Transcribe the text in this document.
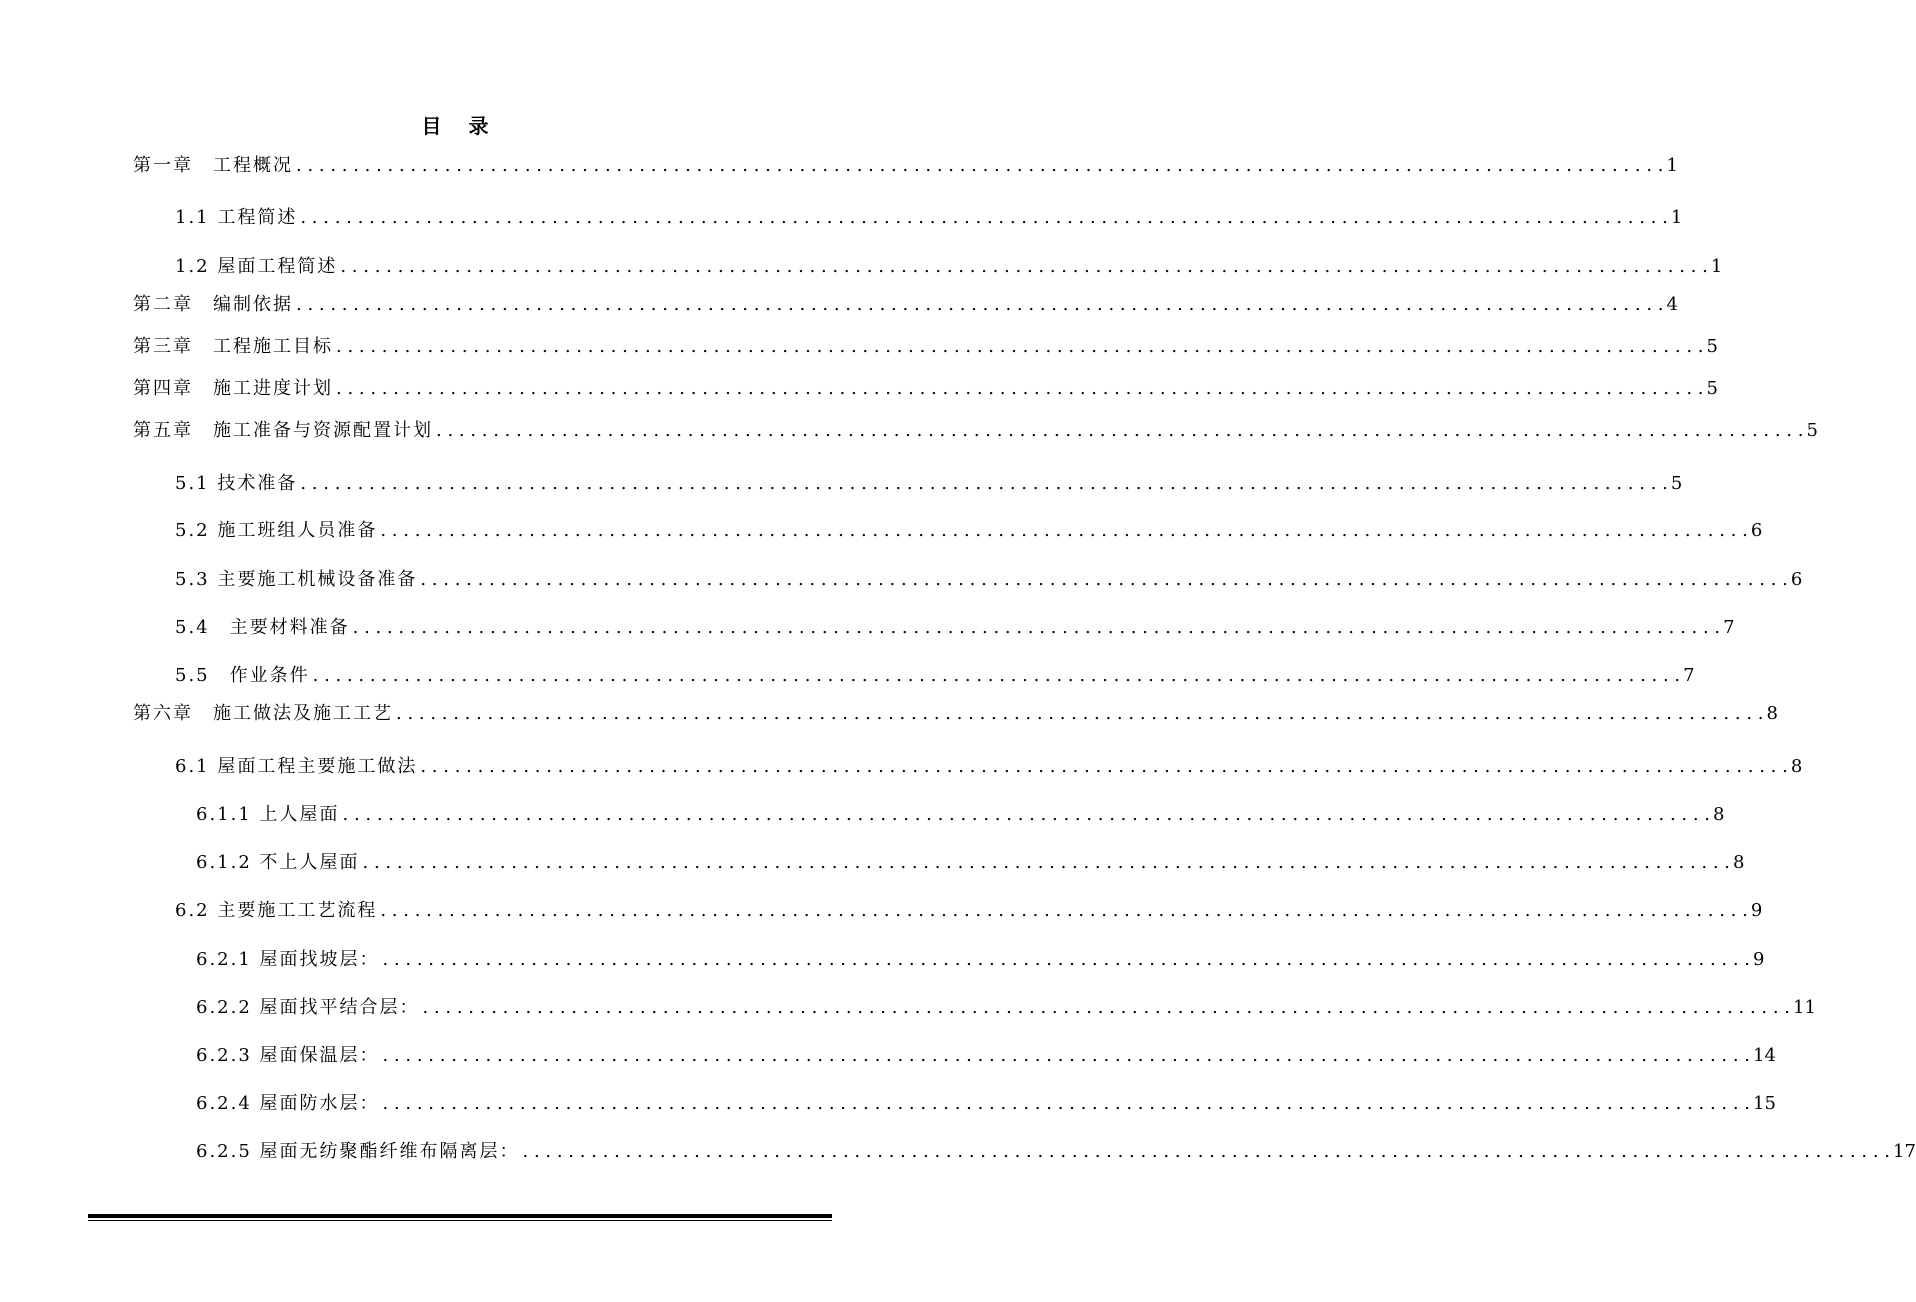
目 录
第一章　工程概况 . . . . . . . . . . . . . . . . . . . . . . . . . . . . . . . . . . . . . . . . . . . . . . . . . . . . . . . . . . . . . . . . . . . . . . . . . . . . . . . . . . . . . . . . . . . . . . . . . . . . . . . . . . . . . . . . . . . . . . . . 1
1.1 工程简述 . . . . . . . . . . . . . . . . . . . . . . . . . . . . . . . . . . . . . . . . . . . . . . . . . . . . . . . . . . . . . . . . . . . . . . . . . . . . . . . . . . . . . . . . . . . . . . . . . . . . . . . . . . . . . . . . . . . . . . . . 1
1.2 屋面工程简述 . . . . . . . . . . . . . . . . . . . . . . . . . . . . . . . . . . . . . . . . . . . . . . . . . . . . . . . . . . . . . . . . . . . . . . . . . . . . . . . . . . . . . . . . . . . . . . . . . . . . . . . . . . . . . . . . . . . . . . . . 1
第二章　编制依据 . . . . . . . . . . . . . . . . . . . . . . . . . . . . . . . . . . . . . . . . . . . . . . . . . . . . . . . . . . . . . . . . . . . . . . . . . . . . . . . . . . . . . . . . . . . . . . . . . . . . . . . . . . . . . . . . . . . . . . . . 4
第三章　工程施工目标 . . . . . . . . . . . . . . . . . . . . . . . . . . . . . . . . . . . . . . . . . . . . . . . . . . . . . . . . . . . . . . . . . . . . . . . . . . . . . . . . . . . . . . . . . . . . . . . . . . . . . . . . . . . . . . . . . . . . . . . . 5
第四章　施工进度计划 . . . . . . . . . . . . . . . . . . . . . . . . . . . . . . . . . . . . . . . . . . . . . . . . . . . . . . . . . . . . . . . . . . . . . . . . . . . . . . . . . . . . . . . . . . . . . . . . . . . . . . . . . . . . . . . . . . . . . . . . 5
第五章　施工准备与资源配置计划 . . . . . . . . . . . . . . . . . . . . . . . . . . . . . . . . . . . . . . . . . . . . . . . . . . . . . . . . . . . . . . . . . . . . . . . . . . . . . . . . . . . . . . . . . . . . . . . . . . . . . . . . . . . . . . . . . . . . . . . . 5
5.1 技术准备 . . . . . . . . . . . . . . . . . . . . . . . . . . . . . . . . . . . . . . . . . . . . . . . . . . . . . . . . . . . . . . . . . . . . . . . . . . . . . . . . . . . . . . . . . . . . . . . . . . . . . . . . . . . . . . . . . . . . . . . . 5
5.2 施工班组人员准备 . . . . . . . . . . . . . . . . . . . . . . . . . . . . . . . . . . . . . . . . . . . . . . . . . . . . . . . . . . . . . . . . . . . . . . . . . . . . . . . . . . . . . . . . . . . . . . . . . . . . . . . . . . . . . . . . . . . . . . . . 6
5.3 主要施工机械设备准备 . . . . . . . . . . . . . . . . . . . . . . . . . . . . . . . . . . . . . . . . . . . . . . . . . . . . . . . . . . . . . . . . . . . . . . . . . . . . . . . . . . . . . . . . . . . . . . . . . . . . . . . . . . . . . . . . . . . . . . . . 6
5.4　主要材料准备 . . . . . . . . . . . . . . . . . . . . . . . . . . . . . . . . . . . . . . . . . . . . . . . . . . . . . . . . . . . . . . . . . . . . . . . . . . . . . . . . . . . . . . . . . . . . . . . . . . . . . . . . . . . . . . . . . . . . . . . . 7
5.5　作业条件 . . . . . . . . . . . . . . . . . . . . . . . . . . . . . . . . . . . . . . . . . . . . . . . . . . . . . . . . . . . . . . . . . . . . . . . . . . . . . . . . . . . . . . . . . . . . . . . . . . . . . . . . . . . . . . . . . . . . . . . . 7
第六章　施工做法及施工工艺 . . . . . . . . . . . . . . . . . . . . . . . . . . . . . . . . . . . . . . . . . . . . . . . . . . . . . . . . . . . . . . . . . . . . . . . . . . . . . . . . . . . . . . . . . . . . . . . . . . . . . . . . . . . . . . . . . . . . . . . . 8
6.1 屋面工程主要施工做法 . . . . . . . . . . . . . . . . . . . . . . . . . . . . . . . . . . . . . . . . . . . . . . . . . . . . . . . . . . . . . . . . . . . . . . . . . . . . . . . . . . . . . . . . . . . . . . . . . . . . . . . . . . . . . . . . . . . . . . . . 8
6.1.1 上人屋面 . . . . . . . . . . . . . . . . . . . . . . . . . . . . . . . . . . . . . . . . . . . . . . . . . . . . . . . . . . . . . . . . . . . . . . . . . . . . . . . . . . . . . . . . . . . . . . . . . . . . . . . . . . . . . . . . . . . . . . . . 8
6.1.2 不上人屋面 . . . . . . . . . . . . . . . . . . . . . . . . . . . . . . . . . . . . . . . . . . . . . . . . . . . . . . . . . . . . . . . . . . . . . . . . . . . . . . . . . . . . . . . . . . . . . . . . . . . . . . . . . . . . . . . . . . . . . . . . 8
6.2 主要施工工艺流程 . . . . . . . . . . . . . . . . . . . . . . . . . . . . . . . . . . . . . . . . . . . . . . . . . . . . . . . . . . . . . . . . . . . . . . . . . . . . . . . . . . . . . . . . . . . . . . . . . . . . . . . . . . . . . . . . . . . . . . . . 9
6.2.1 屋面找坡层： . . . . . . . . . . . . . . . . . . . . . . . . . . . . . . . . . . . . . . . . . . . . . . . . . . . . . . . . . . . . . . . . . . . . . . . . . . . . . . . . . . . . . . . . . . . . . . . . . . . . . . . . . . . . . . . . . . . . . . . . 9
6.2.2 屋面找平结合层： . . . . . . . . . . . . . . . . . . . . . . . . . . . . . . . . . . . . . . . . . . . . . . . . . . . . . . . . . . . . . . . . . . . . . . . . . . . . . . . . . . . . . . . . . . . . . . . . . . . . . . . . . . . . . . . . . . . . . . . . 11
6.2.3 屋面保温层： . . . . . . . . . . . . . . . . . . . . . . . . . . . . . . . . . . . . . . . . . . . . . . . . . . . . . . . . . . . . . . . . . . . . . . . . . . . . . . . . . . . . . . . . . . . . . . . . . . . . . . . . . . . . . . . . . . . . . . . . 14
6.2.4 屋面防水层： . . . . . . . . . . . . . . . . . . . . . . . . . . . . . . . . . . . . . . . . . . . . . . . . . . . . . . . . . . . . . . . . . . . . . . . . . . . . . . . . . . . . . . . . . . . . . . . . . . . . . . . . . . . . . . . . . . . . . . . . 15
6.2.5 屋面无纺聚酯纤维布隔离层： . . . . . . . . . . . . . . . . . . . . . . . . . . . . . . . . . . . . . . . . . . . . . . . . . . . . . . . . . . . . . . . . . . . . . . . . . . . . . . . . . . . . . . . . . . . . . . . . . . . . . . . . . . . . . . . . . . . . . . . . 17
